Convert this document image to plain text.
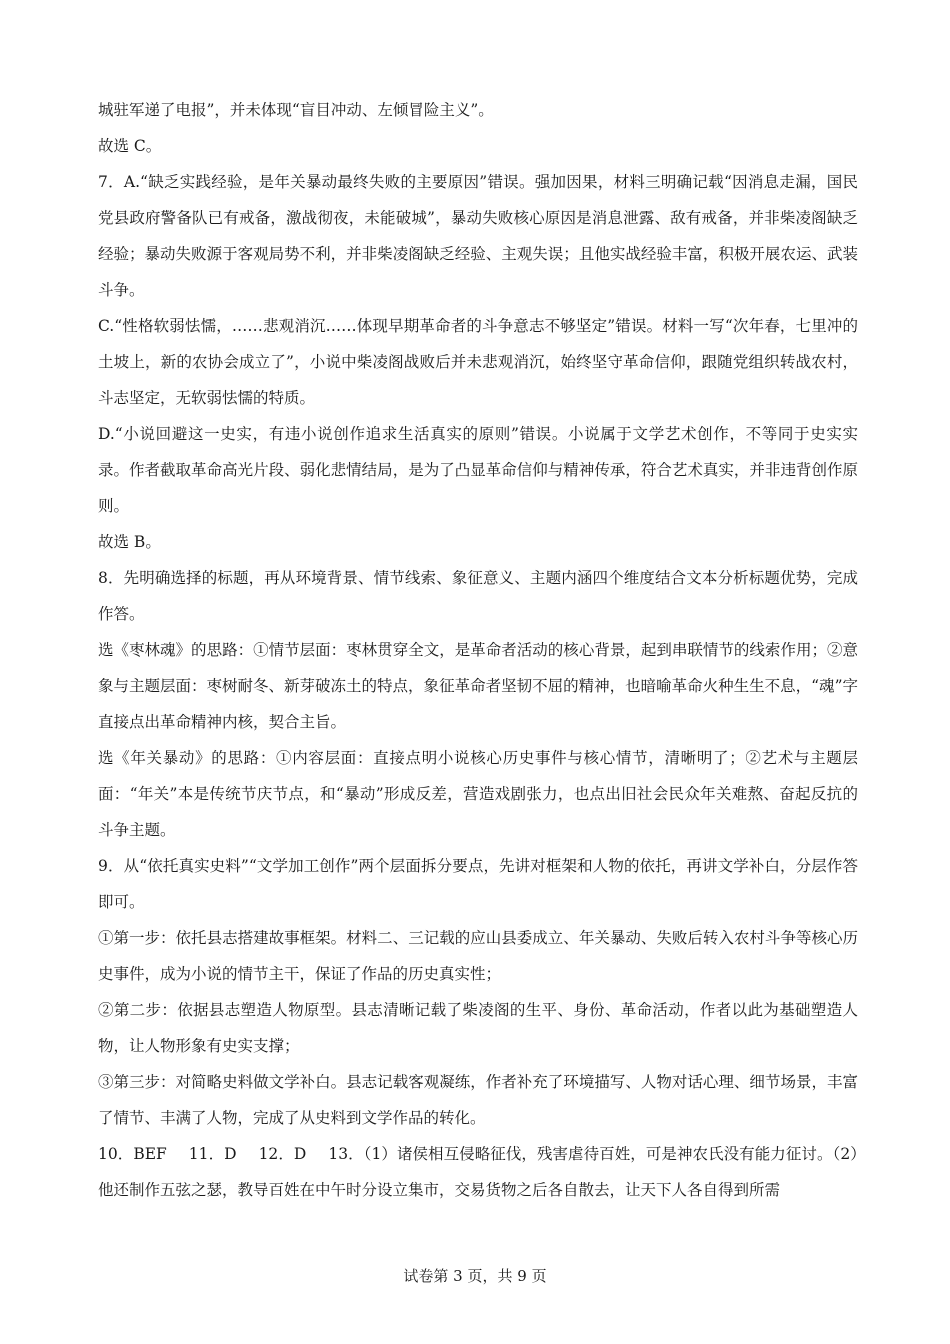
城驻军递了电报”，并未体现“盲目冲动、左倾冒险主义”。

故选 C。

7．A.“缺乏实践经验，是年关暴动最终失败的主要原因”错误。强加因果，材料三明确记载“因消息走漏，国民党县政府警备队已有戒备，激战彻夜，未能破城”，暴动失败核心原因是消息泄露、敌有戒备，并非柴凌阁缺乏经验；暴动失败源于客观局势不利，并非柴凌阁缺乏经验、主观失误；且他实战经验丰富，积极开展农运、武装斗争。

C.“性格软弱怯懦，……悲观消沉……体现早期革命者的斗争意志不够坚定”错误。材料一写“次年春，七里冲的土坡上，新的农协会成立了”，小说中柴凌阁战败后并未悲观消沉，始终坚守革命信仰，跟随党组织转战农村，斗志坚定，无软弱怯懦的特质。

D.“小说回避这一史实，有违小说创作追求生活真实的原则”错误。小说属于文学艺术创作，不等同于史实实录。作者截取革命高光片段、弱化悲情结局，是为了凸显革命信仰与精神传承，符合艺术真实，并非违背创作原则。

故选 B。

8．先明确选择的标题，再从环境背景、情节线索、象征意义、主题内涵四个维度结合文本分析标题优势，完成作答。

选《枣林魂》的思路：①情节层面：枣林贯穿全文，是革命者活动的核心背景，起到串联情节的线索作用；②意象与主题层面：枣树耐冬、新芽破冻土的特点，象征革命者坚韧不屈的精神，也暗喻革命火种生生不息，“魂”字直接点出革命精神内核，契合主旨。

选《年关暴动》的思路：①内容层面：直接点明小说核心历史事件与核心情节，清晰明了；②艺术与主题层面：“年关”本是传统节庆节点，和“暴动”形成反差，营造戏剧张力，也点出旧社会民众年关难熬、奋起反抗的斗争主题。

9．从“依托真实史料”“文学加工创作”两个层面拆分要点，先讲对框架和人物的依托，再讲文学补白，分层作答即可。

①第一步：依托县志搭建故事框架。材料二、三记载的应山县委成立、年关暴动、失败后转入农村斗争等核心历史事件，成为小说的情节主干，保证了作品的历史真实性；

②第二步：依据县志塑造人物原型。县志清晰记载了柴凌阁的生平、身份、革命活动，作者以此为基础塑造人物，让人物形象有史实支撑；

③第三步：对简略史料做文学补白。县志记载客观凝练，作者补充了环境描写、人物对话心理、细节场景，丰富了情节、丰满了人物，完成了从史料到文学作品的转化。

10．BEF 11．D 12．D 13．（1）诸侯相互侵略征伐，残害虐待百姓，可是神农氏没有能力征讨。（2）他还制作五弦之瑟，教导百姓在中午时分设立集市，交易货物之后各自散去，让天下人各自得到所需

试卷第 3 页，共 9 页
